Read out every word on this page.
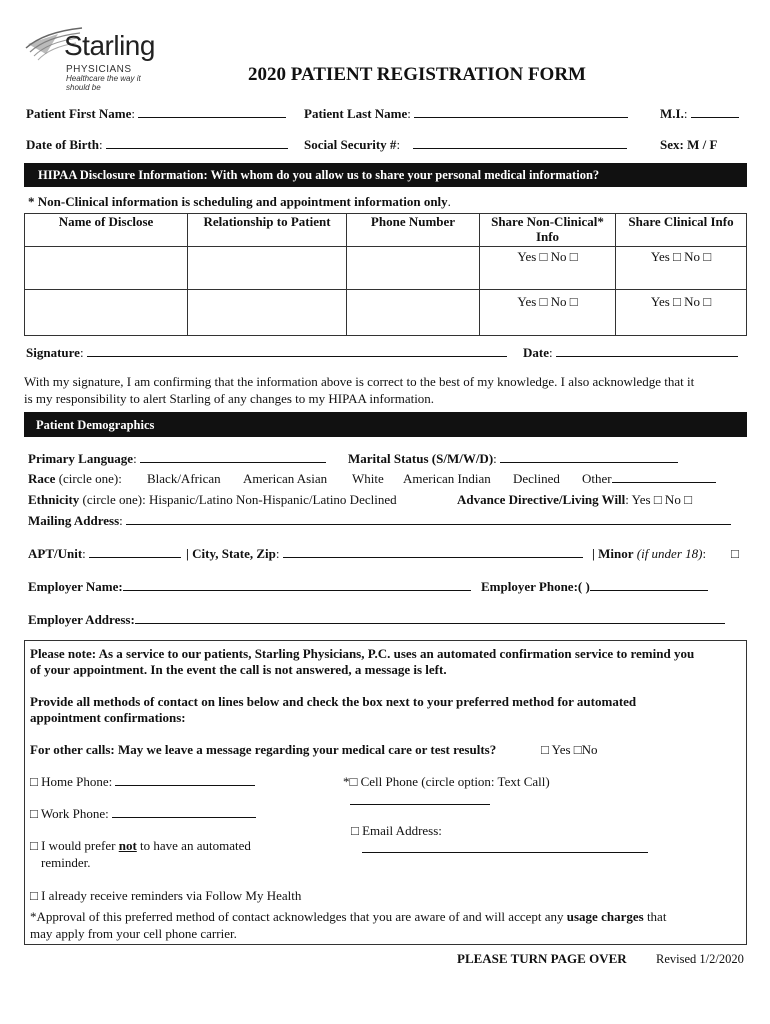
Starling
PHYSICIANS
Healthcare the way it should be
2020 PATIENT REGISTRATION FORM
Patient First Name:	Patient Last Name:	M.I.:
Date of Birth:	Social Security #:	Sex: M / F
HIPAA Disclosure Information: With whom do you allow us to share your personal medical information?
* Non-Clinical information is scheduling and appointment information only.
Name of Disclose	Relationship to Patient	Phone Number	Share Non-Clinical* Info	Share Clinical Info
			Yes □ No □	Yes □ No □
			Yes □ No □	Yes □ No □
Signature:	Date:
With my signature, I am confirming that the information above is correct to the best of my knowledge. I also acknowledge that it
is my responsibility to alert Starling of any changes to my HIPAA information.
Patient Demographics
Primary Language:	Marital Status (S/M/W/D):
Race (circle one): Black/African American Asian White American Indian Declined Other
Ethnicity (circle one): Hispanic/Latino Non-Hispanic/Latino Declined	Advance Directive/Living Will: Yes □ No □
Mailing Address:
APT/Unit:	| City, State, Zip:	| Minor (if under 18): □
Employer Name:	Employer Phone:( )
Employer Address:
Please note: As a service to our patients, Starling Physicians, P.C. uses an automated confirmation service to remind you
of your appointment. In the event the call is not answered, a message is left.
Provide all methods of contact on lines below and check the box next to your preferred method for automated
appointment confirmations:
For other calls: May we leave a message regarding your medical care or test results?	□ Yes □No
□ Home Phone:	*□ Cell Phone (circle option: Text Call)
□ Work Phone:
□ Email Address:
□ I would prefer not to have an automated
reminder.
□ I already receive reminders via Follow My Health
*Approval of this preferred method of contact acknowledges that you are aware of and will accept any usage charges that
may apply from your cell phone carrier.
PLEASE TURN PAGE OVER Revised 1/2/2020
